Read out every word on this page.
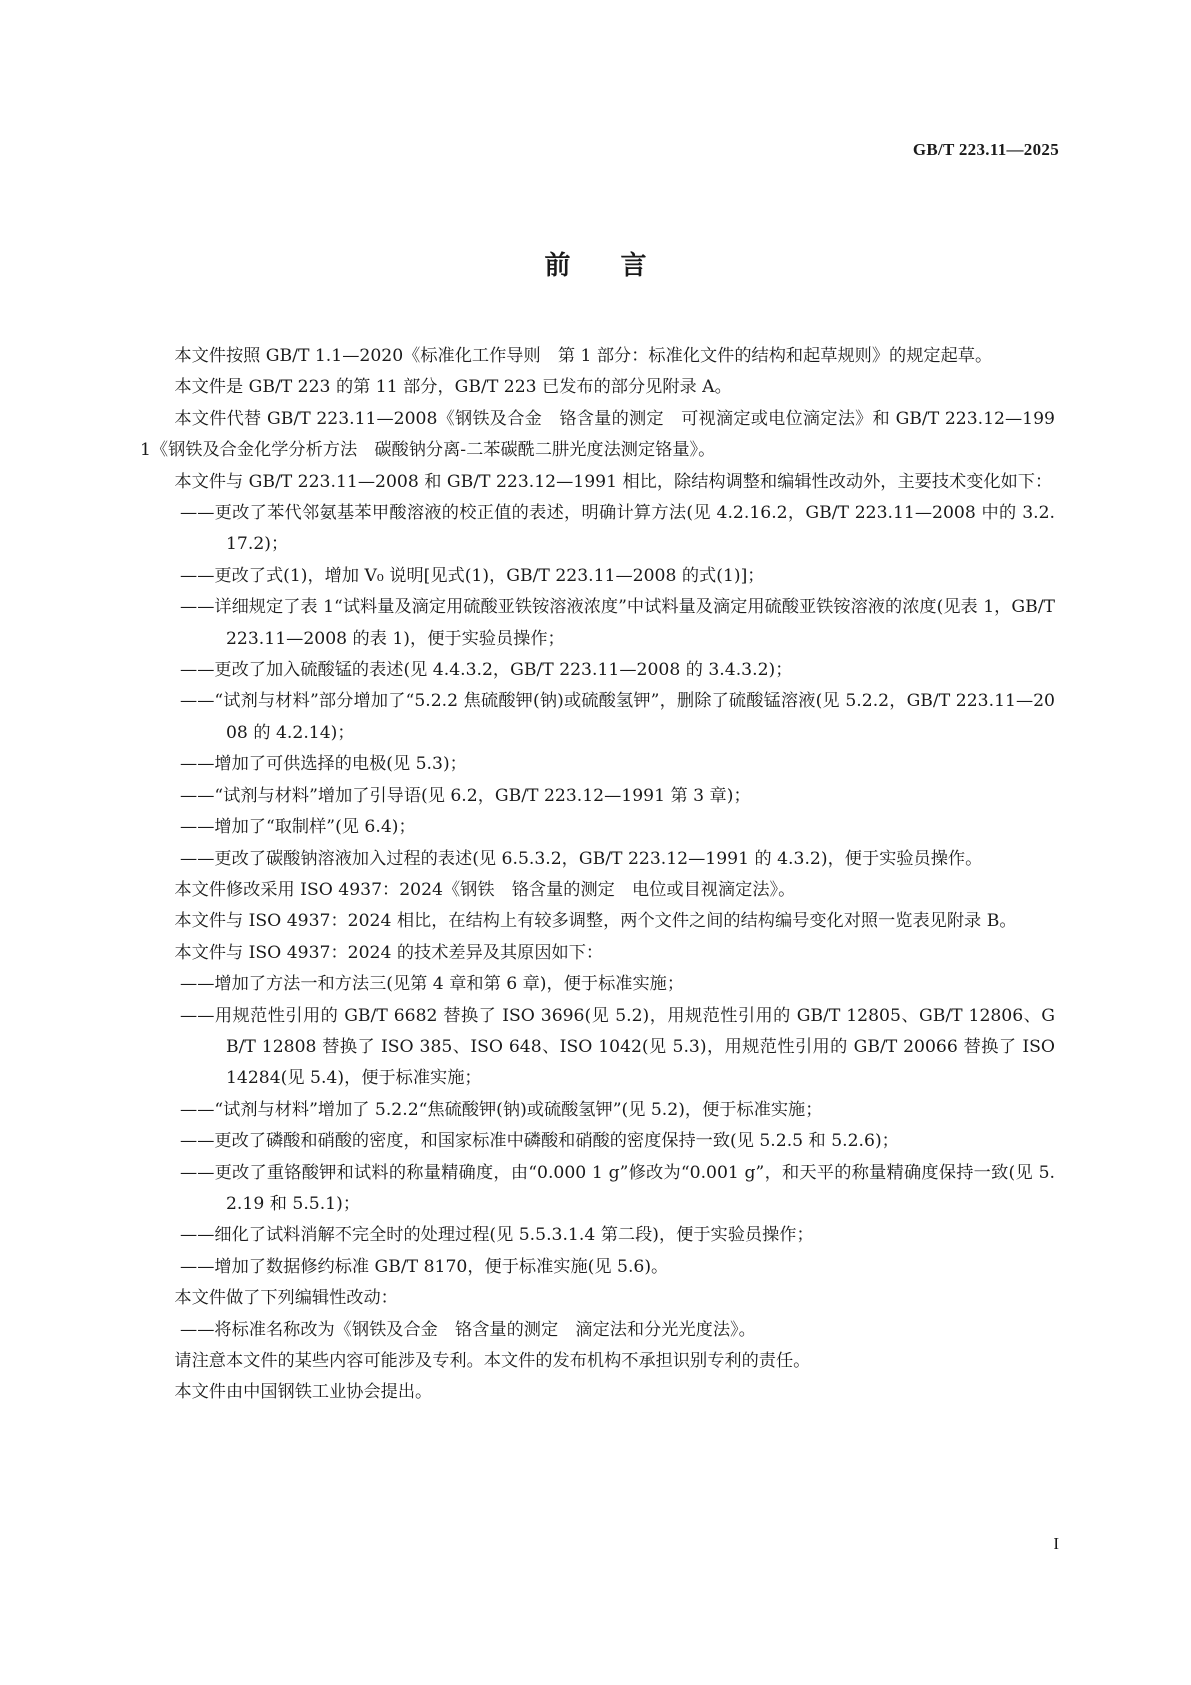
GB/T 223.11—2025
前言

本文件按照 GB/T 1.1—2020《标准化工作导则　第 1 部分：标准化文件的结构和起草规则》的规定起草。

本文件是 GB/T 223 的第 11 部分，GB/T 223 已发布的部分见附录 A。

本文件代替 GB/T 223.11—2008《钢铁及合金　铬含量的测定　可视滴定或电位滴定法》和 GB/T 223.12—1991《钢铁及合金化学分析方法　碳酸钠分离-二苯碳酰二肼光度法测定铬量》。

本文件与 GB/T 223.11—2008 和 GB/T 223.12—1991 相比，除结构调整和编辑性改动外，主要技术变化如下：

——更改了苯代邻氨基苯甲酸溶液的校正值的表述，明确计算方法(见 4.2.16.2，GB/T 223.11—2008 中的 3.2.17.2)；

——更改了式(1)，增加 V₀ 说明[见式(1)，GB/T 223.11—2008 的式(1)]；

——详细规定了表 1“试料量及滴定用硫酸亚铁铵溶液浓度”中试料量及滴定用硫酸亚铁铵溶液的浓度(见表 1，GB/T 223.11—2008 的表 1)，便于实验员操作；

——更改了加入硫酸锰的表述(见 4.4.3.2，GB/T 223.11—2008 的 3.4.3.2)；

——“试剂与材料”部分增加了“5.2.2 焦硫酸钾(钠)或硫酸氢钾”，删除了硫酸锰溶液(见 5.2.2，GB/T 223.11—2008 的 4.2.14)；

——增加了可供选择的电极(见 5.3)；

——“试剂与材料”增加了引导语(见 6.2，GB/T 223.12—1991 第 3 章)；

——增加了“取制样”(见 6.4)；

——更改了碳酸钠溶液加入过程的表述(见 6.5.3.2，GB/T 223.12—1991 的 4.3.2)，便于实验员操作。

本文件修改采用 ISO 4937：2024《钢铁　铬含量的测定　电位或目视滴定法》。

本文件与 ISO 4937：2024 相比，在结构上有较多调整，两个文件之间的结构编号变化对照一览表见附录 B。

本文件与 ISO 4937：2024 的技术差异及其原因如下：

——增加了方法一和方法三(见第 4 章和第 6 章)，便于标准实施；

——用规范性引用的 GB/T 6682 替换了 ISO 3696(见 5.2)，用规范性引用的 GB/T 12805、GB/T 12806、GB/T 12808 替换了 ISO 385、ISO 648、ISO 1042(见 5.3)，用规范性引用的 GB/T 20066 替换了 ISO 14284(见 5.4)，便于标准实施；

——“试剂与材料”增加了 5.2.2“焦硫酸钾(钠)或硫酸氢钾”(见 5.2)，便于标准实施；

——更改了磷酸和硝酸的密度，和国家标准中磷酸和硝酸的密度保持一致(见 5.2.5 和 5.2.6)；

——更改了重铬酸钾和试料的称量精确度，由“0.000 1 g”修改为“0.001 g”，和天平的称量精确度保持一致(见 5.2.19 和 5.5.1)；

——细化了试料消解不完全时的处理过程(见 5.5.3.1.4 第二段)，便于实验员操作；

——增加了数据修约标准 GB/T 8170，便于标准实施(见 5.6)。

本文件做了下列编辑性改动：

——将标准名称改为《钢铁及合金　铬含量的测定　滴定法和分光光度法》。

请注意本文件的某些内容可能涉及专利。本文件的发布机构不承担识别专利的责任。

本文件由中国钢铁工业协会提出。

I
